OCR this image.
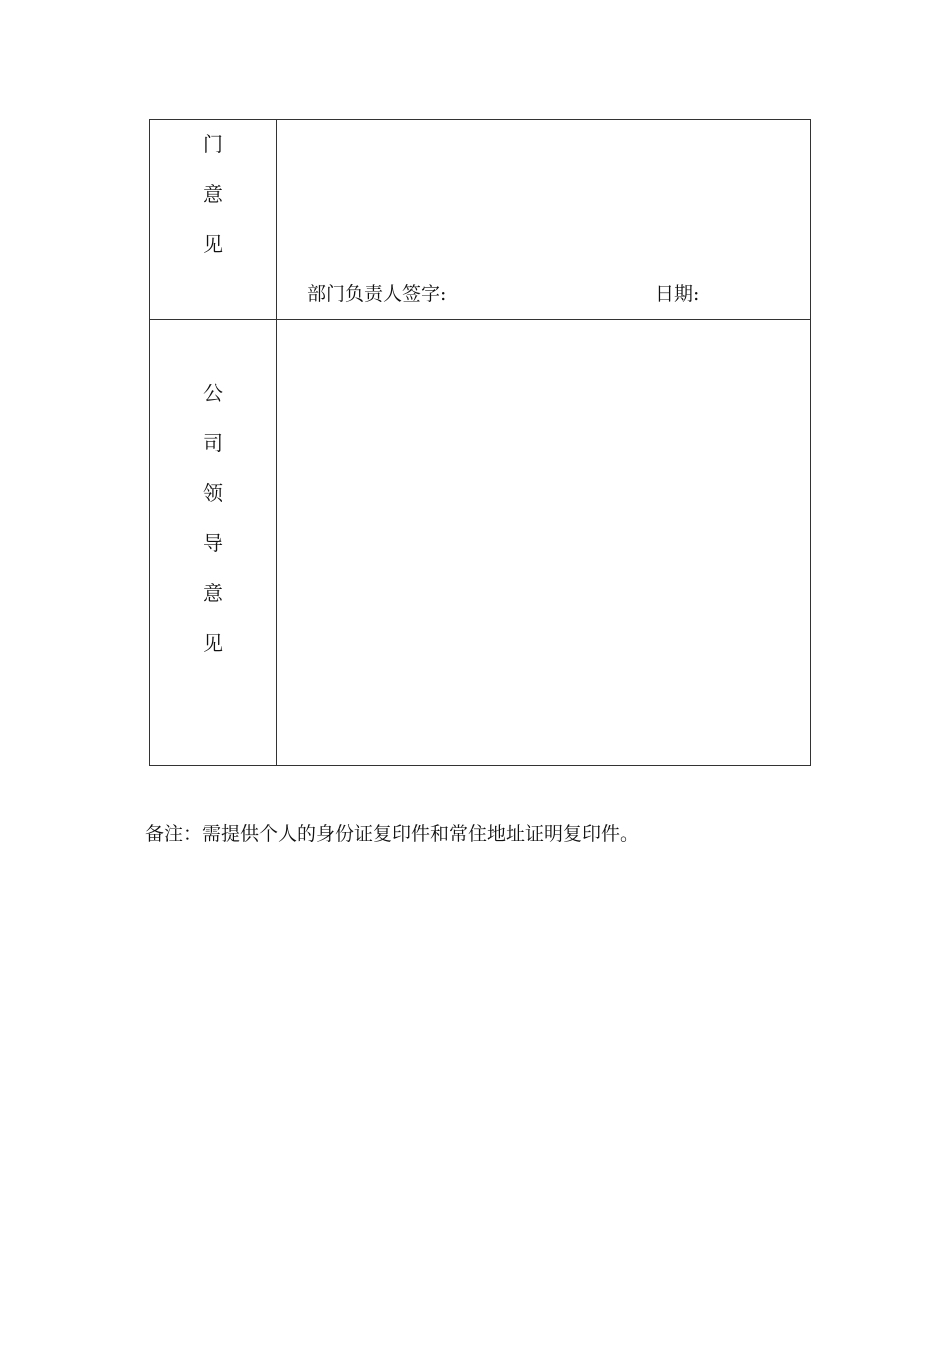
门
意
见
部门负责人签字:	日期:
公
司
领
导
意
见
备注：需提供个人的身份证复印件和常住地址证明复印件。
